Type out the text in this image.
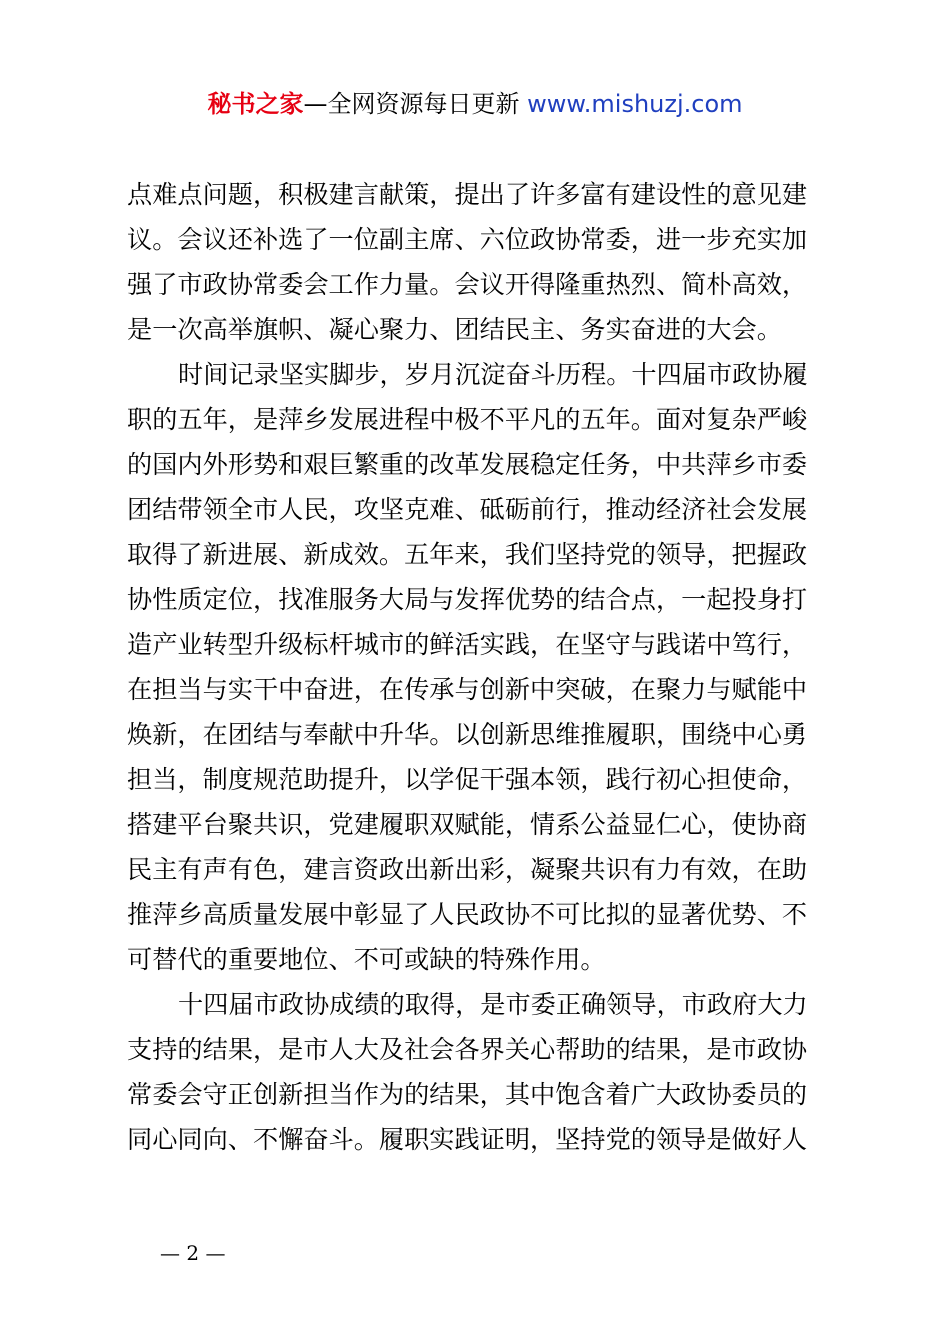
秘书之家—全网资源每日更新 www.mishuzj.com
点难点问题，积极建言献策，提出了许多富有建设性的意见建
议。会议还补选了一位副主席、六位政协常委，进一步充实加
强了市政协常委会工作力量。会议开得隆重热烈、简朴高效，
是一次高举旗帜、凝心聚力、团结民主、务实奋进的大会。
时间记录坚实脚步，岁月沉淀奋斗历程。十四届市政协履
职的五年，是萍乡发展进程中极不平凡的五年。面对复杂严峻
的国内外形势和艰巨繁重的改革发展稳定任务，中共萍乡市委
团结带领全市人民，攻坚克难、砥砺前行，推动经济社会发展
取得了新进展、新成效。五年来，我们坚持党的领导，把握政
协性质定位，找准服务大局与发挥优势的结合点，一起投身打
造产业转型升级标杆城市的鲜活实践，在坚守与践诺中笃行，
在担当与实干中奋进，在传承与创新中突破，在聚力与赋能中
焕新，在团结与奉献中升华。以创新思维推履职，围绕中心勇
担当，制度规范助提升，以学促干强本领，践行初心担使命，
搭建平台聚共识，党建履职双赋能，情系公益显仁心，使协商
民主有声有色，建言资政出新出彩，凝聚共识有力有效，在助
推萍乡高质量发展中彰显了人民政协不可比拟的显著优势、不
可替代的重要地位、不可或缺的特殊作用。
十四届市政协成绩的取得，是市委正确领导，市政府大力
支持的结果，是市人大及社会各界关心帮助的结果，是市政协
常委会守正创新担当作为的结果，其中饱含着广大政协委员的
同心同向、不懈奋斗。履职实践证明，坚持党的领导是做好人
— 2 —
